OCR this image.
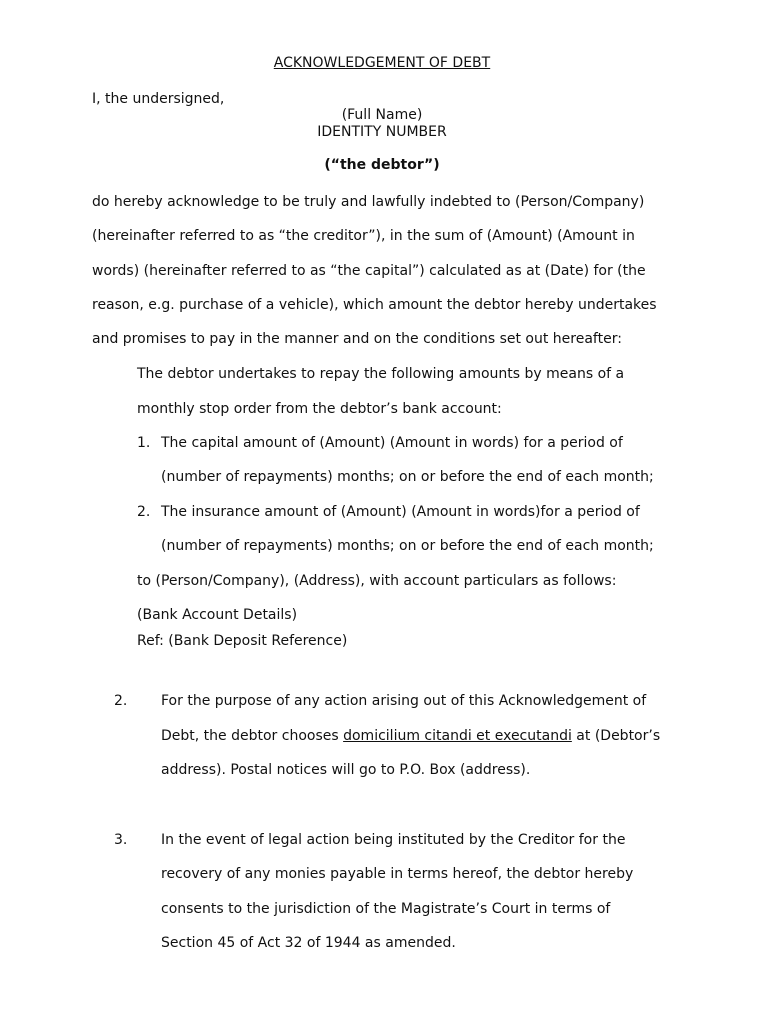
ACKNOWLEDGEMENT OF DEBT
I, the undersigned,
(Full Name)
IDENTITY NUMBER
(“the debtor”)
do hereby acknowledge to be truly and lawfully indebted to (Person/Company)
(hereinafter referred to as “the creditor”), in the sum of (Amount) (Amount in
words) (hereinafter referred to as “the capital”) calculated as at (Date) for (the
reason, e.g. purchase of a vehicle), which amount the debtor hereby undertakes
and promises to pay in the manner and on the conditions set out hereafter:
The debtor undertakes to repay the following amounts by means of a
monthly stop order from the debtor’s bank account:
1. The capital amount of (Amount) (Amount in words) for a period of
(number of repayments) months; on or before the end of each month;
2. The insurance amount of (Amount) (Amount in words)for a period of
(number of repayments) months; on or before the end of each month;
to (Person/Company), (Address), with account particulars as follows:
(Bank Account Details)
Ref: (Bank Deposit Reference)
2. For the purpose of any action arising out of this Acknowledgement of
Debt, the debtor chooses domicilium citandi et executandi at (Debtor’s
address). Postal notices will go to P.O. Box (address).
3. In the event of legal action being instituted by the Creditor for the
recovery of any monies payable in terms hereof, the debtor hereby
consents to the jurisdiction of the Magistrate’s Court in terms of
Section 45 of Act 32 of 1944 as amended.
